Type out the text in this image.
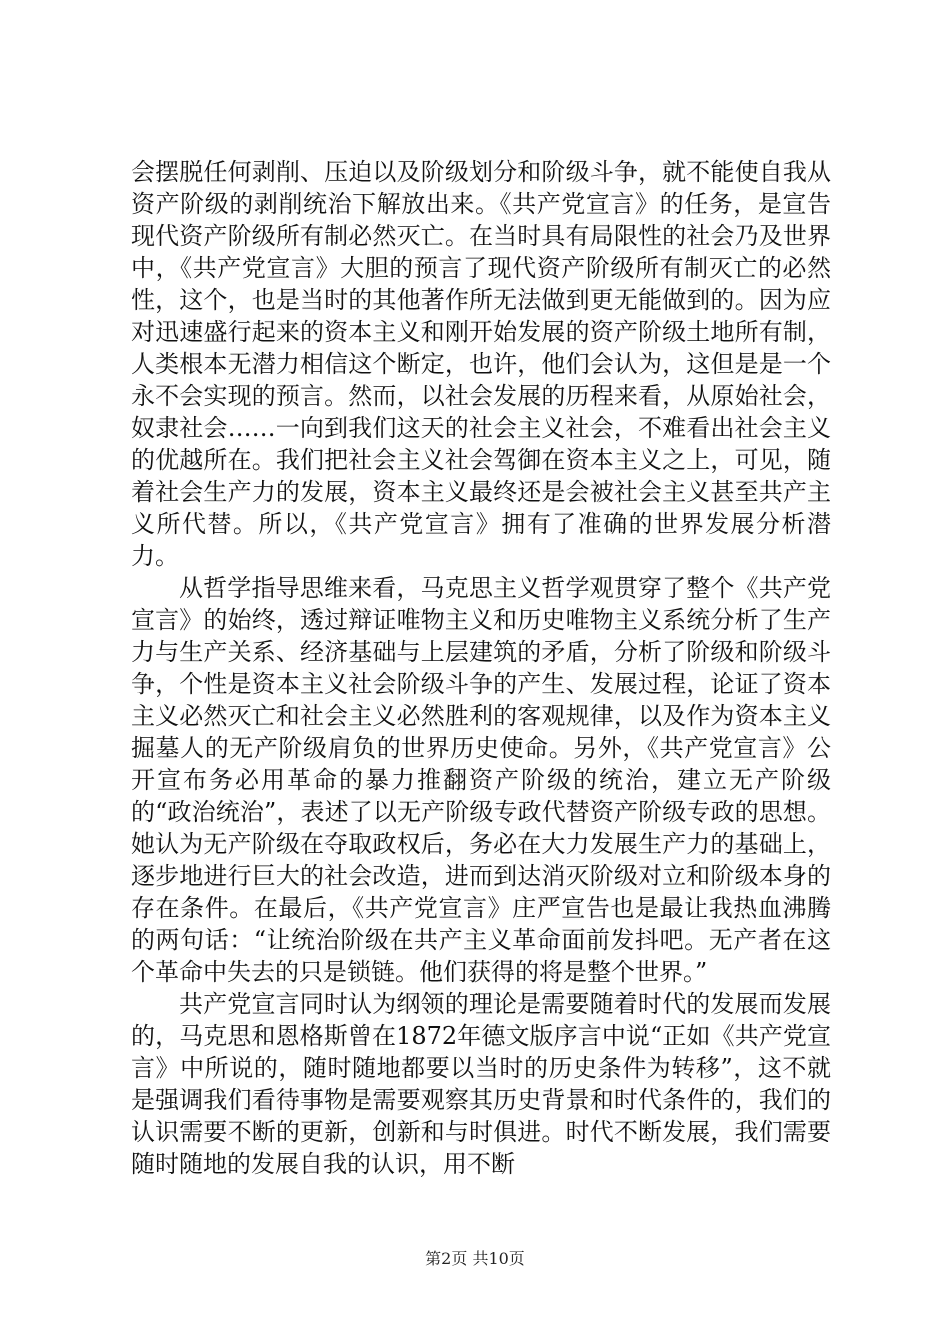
会摆脱任何剥削、压迫以及阶级划分和阶级斗争，就不能使自我从资产阶级的剥削统治下解放出来。《共产党宣言》的任务，是宣告现代资产阶级所有制必然灭亡。在当时具有局限性的社会乃及世界中，《共产党宣言》大胆的预言了现代资产阶级所有制灭亡的必然性，这个，也是当时的其他著作所无法做到更无能做到的。因为应对迅速盛行起来的资本主义和刚开始发展的资产阶级土地所有制，人类根本无潜力相信这个断定，也许，他们会认为，这但是是一个永不会实现的预言。然而，以社会发展的历程来看，从原始社会，奴隶社会……一向到我们这天的社会主义社会，不难看出社会主义的优越所在。我们把社会主义社会驾御在资本主义之上，可见，随着社会生产力的发展，资本主义最终还是会被社会主义甚至共产主义所代替。所以，《共产党宣言》拥有了准确的世界发展分析潜力。

从哲学指导思维来看，马克思主义哲学观贯穿了整个《共产党宣言》的始终，透过辩证唯物主义和历史唯物主义系统分析了生产力与生产关系、经济基础与上层建筑的矛盾，分析了阶级和阶级斗争，个性是资本主义社会阶级斗争的产生、发展过程，论证了资本主义必然灭亡和社会主义必然胜利的客观规律，以及作为资本主义掘墓人的无产阶级肩负的世界历史使命。另外，《共产党宣言》公开宣布务必用革命的暴力推翻资产阶级的统治，建立无产阶级的“政治统治”，表述了以无产阶级专政代替资产阶级专政的思想。她认为无产阶级在夺取政权后，务必在大力发展生产力的基础上，逐步地进行巨大的社会改造，进而到达消灭阶级对立和阶级本身的存在条件。在最后，《共产党宣言》庄严宣告也是最让我热血沸腾的两句话：“让统治阶级在共产主义革命面前发抖吧。无产者在这个革命中失去的只是锁链。他们获得的将是整个世界。”

共产党宣言同时认为纲领的理论是需要随着时代的发展而发展的，马克思和恩格斯曾在1872年德文版序言中说“正如《共产党宣言》中所说的，随时随地都要以当时的历史条件为转移”，这不就是强调我们看待事物是需要观察其历史背景和时代条件的，我们的认识需要不断的更新，创新和与时俱进。时代不断发展，我们需要随时随地的发展自我的认识，用不断

第2页 共10页
